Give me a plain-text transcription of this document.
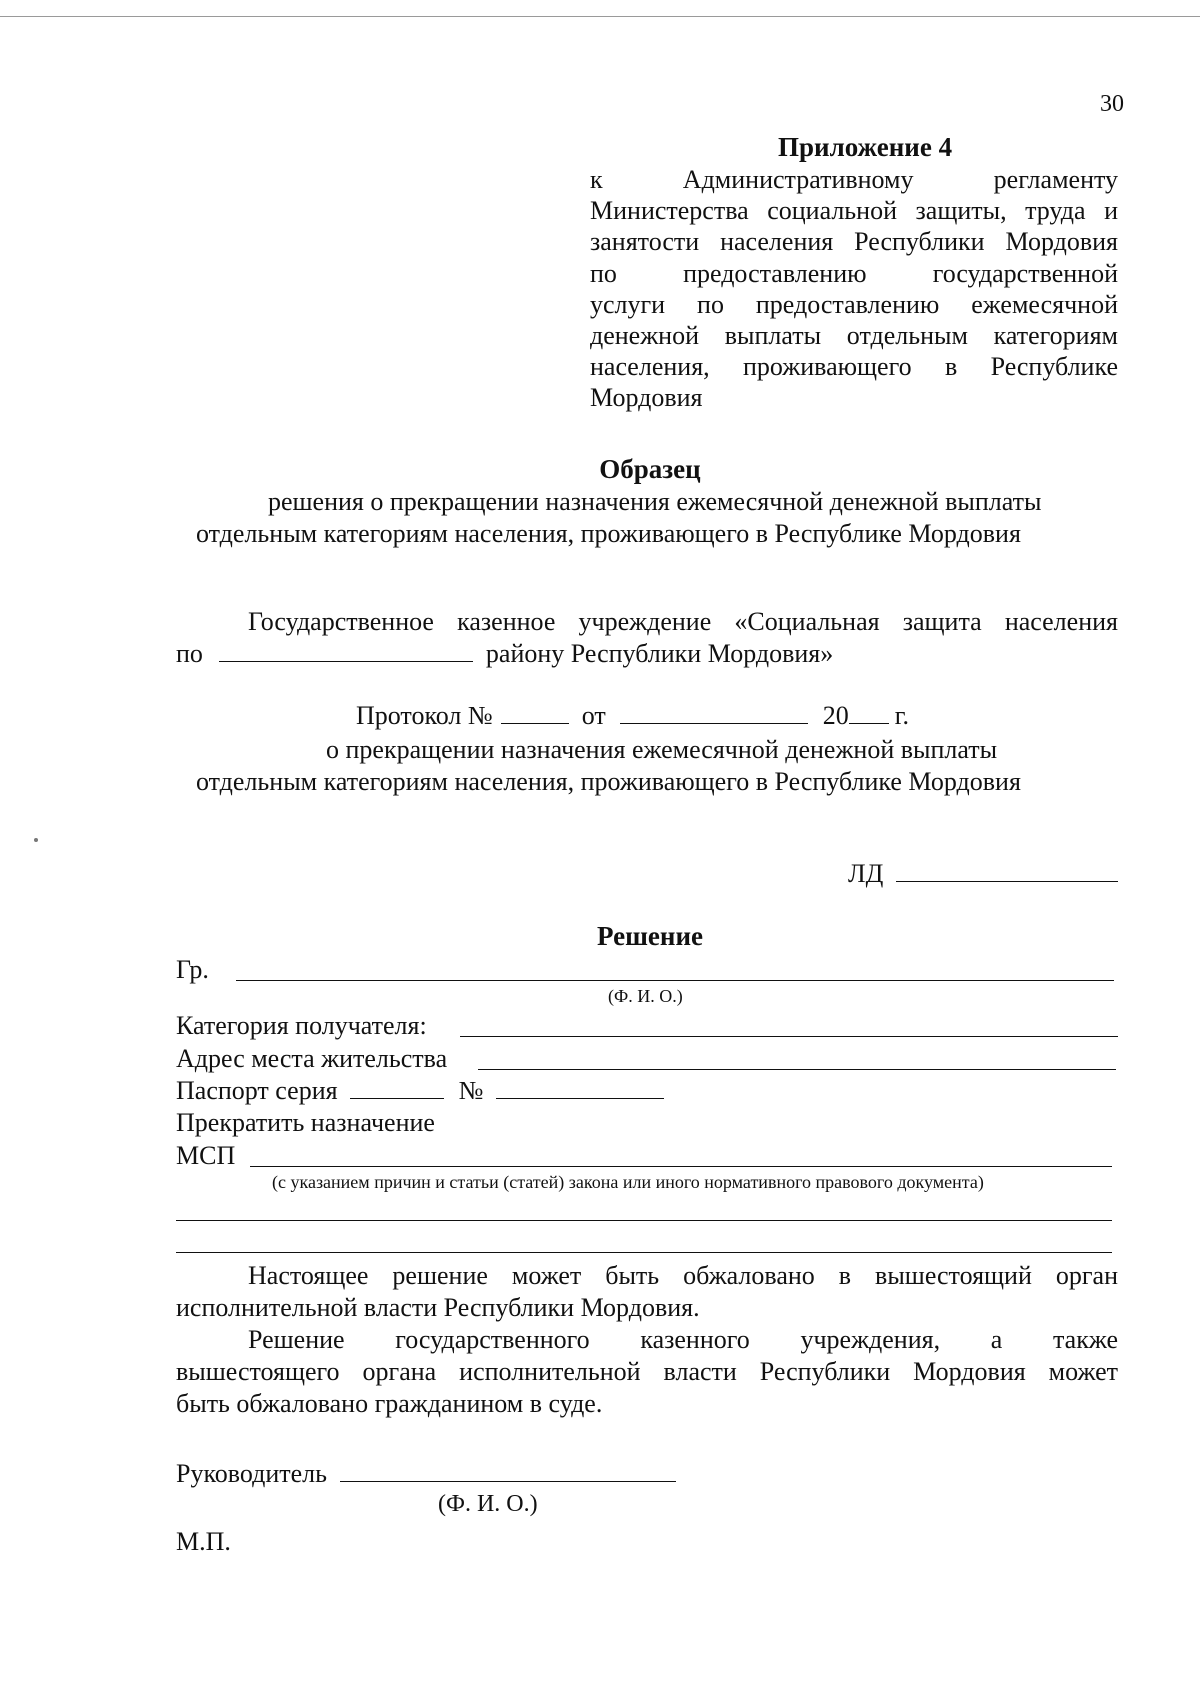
30
Приложение 4
к Административному регламенту
Министерства социальной защиты, труда и
занятости населения Республики Мордовия
по предоставлению государственной
услуги по предоставлению ежемесячной
денежной выплаты отдельным категориям
населения, проживающего в Республике
Мордовия
Образец
решения о прекращении назначения ежемесячной денежной выплаты
отдельным категориям населения, проживающего в Республике Мордовия
Государственное казенное учреждение «Социальная защита населения
по	району Республики Мордовия»
Протокол №	от	20 г.
о прекращении назначения ежемесячной денежной выплаты
отдельным категориям населения, проживающего в Республике Мордовия
ЛД
Решение
Гр.
(Ф. И. О.)
Категория получателя:
Адрес места жительства
Паспорт серия	№
Прекратить назначение
МСП
(с указанием причин и статьи (статей) закона или иного нормативного правового документа)
Настоящее решение может быть обжаловано в вышестоящий орган
исполнительной власти Республики Мордовия.
Решение государственного казенного учреждения, а также
вышестоящего органа исполнительной власти Республики Мордовия может
быть обжаловано гражданином в суде.
Руководитель
(Ф. И. О.)
М.П.
